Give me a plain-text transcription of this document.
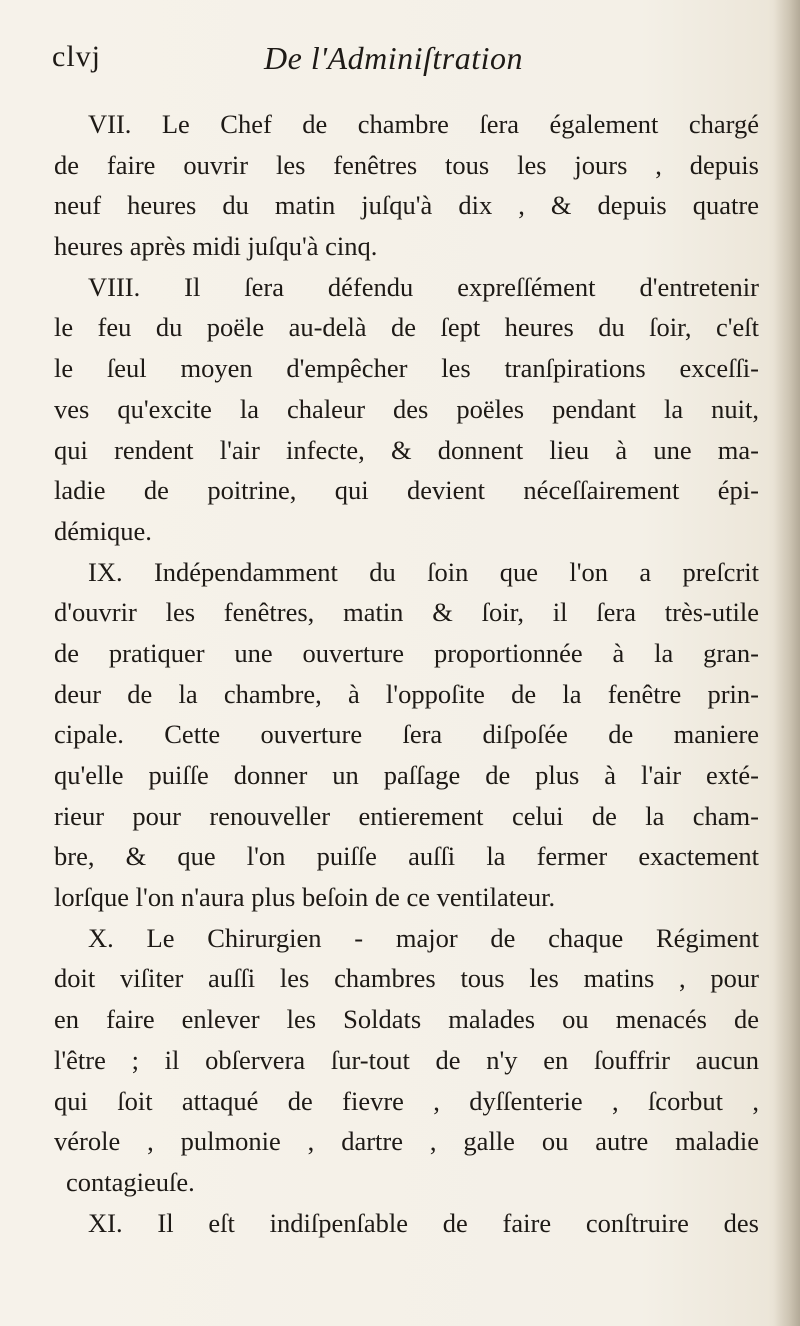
clvj	De l'Adminiſtration
VII. Le Chef de chambre ſera également chargé
de faire ouvrir les fenêtres tous les jours , depuis
neuf heures du matin juſqu'à dix , & depuis quatre
heures après midi juſqu'à cinq.
VIII. Il ſera défendu expreſſément d'entretenir
le feu du poële au-delà de ſept heures du ſoir, c'eſt
le ſeul moyen d'empêcher les tranſpirations exceſſi-
ves qu'excite la chaleur des poëles pendant la nuit,
qui rendent l'air infecte, & donnent lieu à une ma-
ladie de poitrine, qui devient néceſſairement épi-
démique.
IX. Indépendamment du ſoin que l'on a preſcrit
d'ouvrir les fenêtres, matin & ſoir, il ſera très-utile
de pratiquer une ouverture proportionnée à la gran-
deur de la chambre, à l'oppoſite de la fenêtre prin-
cipale. Cette ouverture ſera diſpoſée de maniere
qu'elle puiſſe donner un paſſage de plus à l'air exté-
rieur pour renouveller entierement celui de la cham-
bre, & que l'on puiſſe auſſi la fermer exactement
lorſque l'on n'aura plus beſoin de ce ventilateur.
X. Le Chirurgien - major de chaque Régiment
doit viſiter auſſi les chambres tous les matins , pour
en faire enlever les Soldats malades ou menacés de
l'être ; il obſervera ſur-tout de n'y en ſouffrir aucun
qui ſoit attaqué de fievre , dyſſenterie , ſcorbut ,
vérole , pulmonie , dartre , galle ou autre maladie
contagieuſe.
XI. Il eſt indiſpenſable de faire conſtruire des
